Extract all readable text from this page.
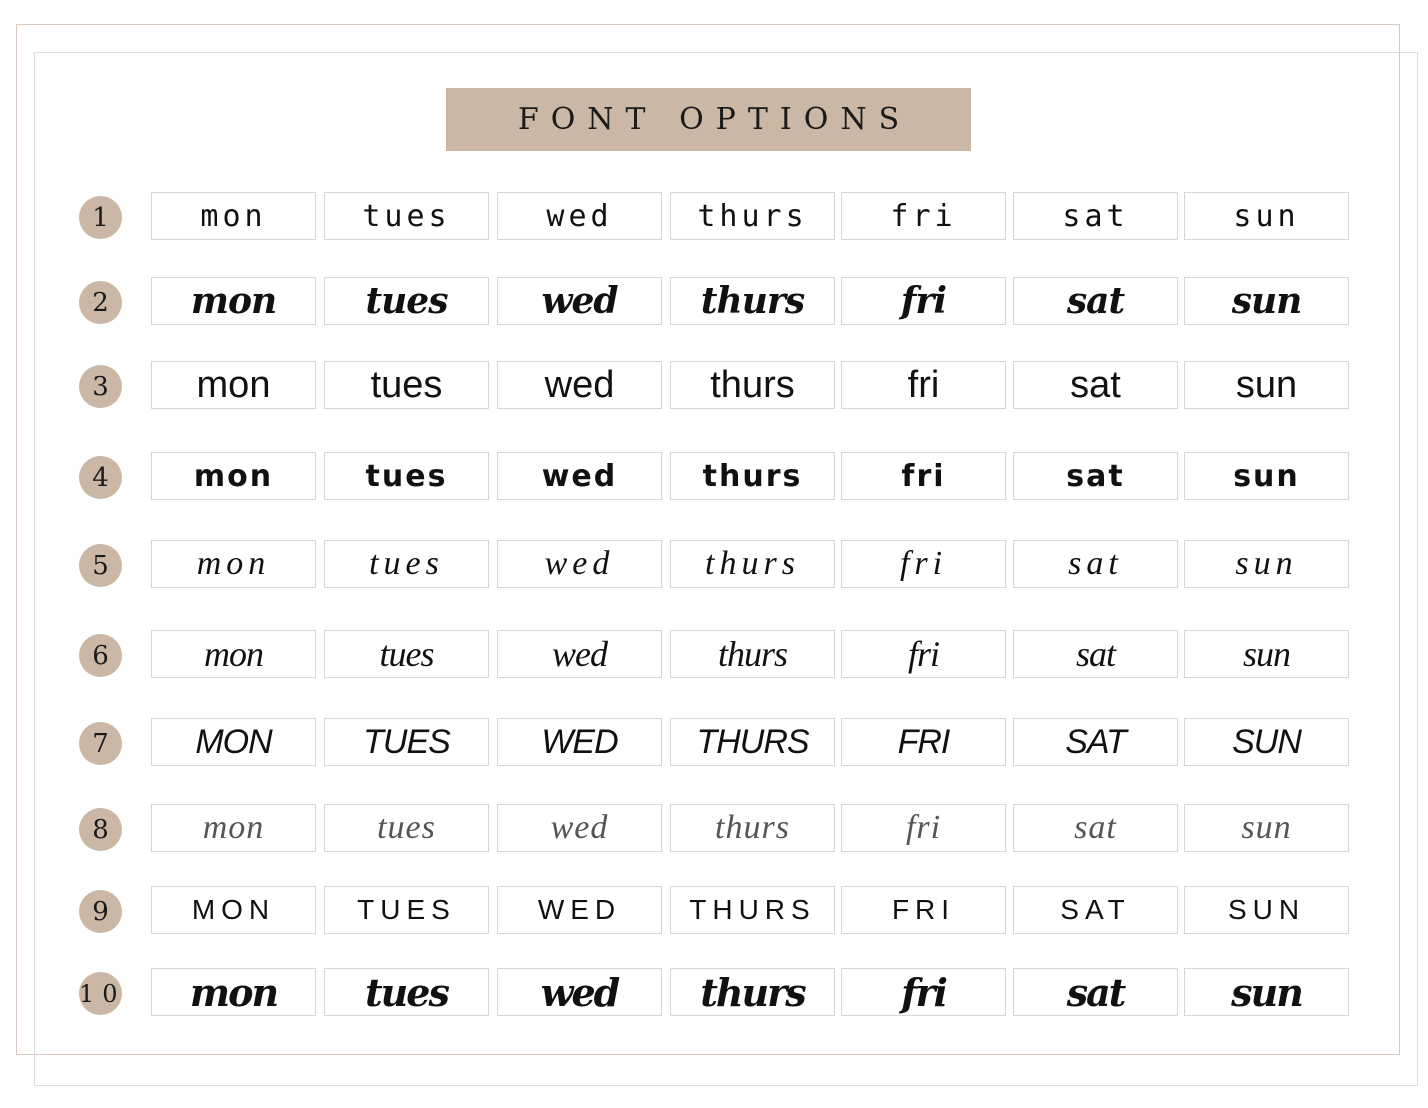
FONT OPTIONS
1	mon	tues	wed	thurs	fri	sat	sun
2	mon	tues	wed	thurs	fri	sat	sun
3	mon	tues	wed	thurs	fri	sat	sun
4	mon	tues	wed	thurs	fri	sat	sun
5	mon	tues	wed	thurs	fri	sat	sun
6	mon	tues	wed	thurs	fri	sat	sun
7	MON	TUES	WED	THURS	FRI	SAT	SUN
8	mon	tues	wed	thurs	fri	sat	sun
9	MON	TUES	WED	THURS	FRI	SAT	SUN
10	mon	tues	wed	thurs	fri	sat	sun
